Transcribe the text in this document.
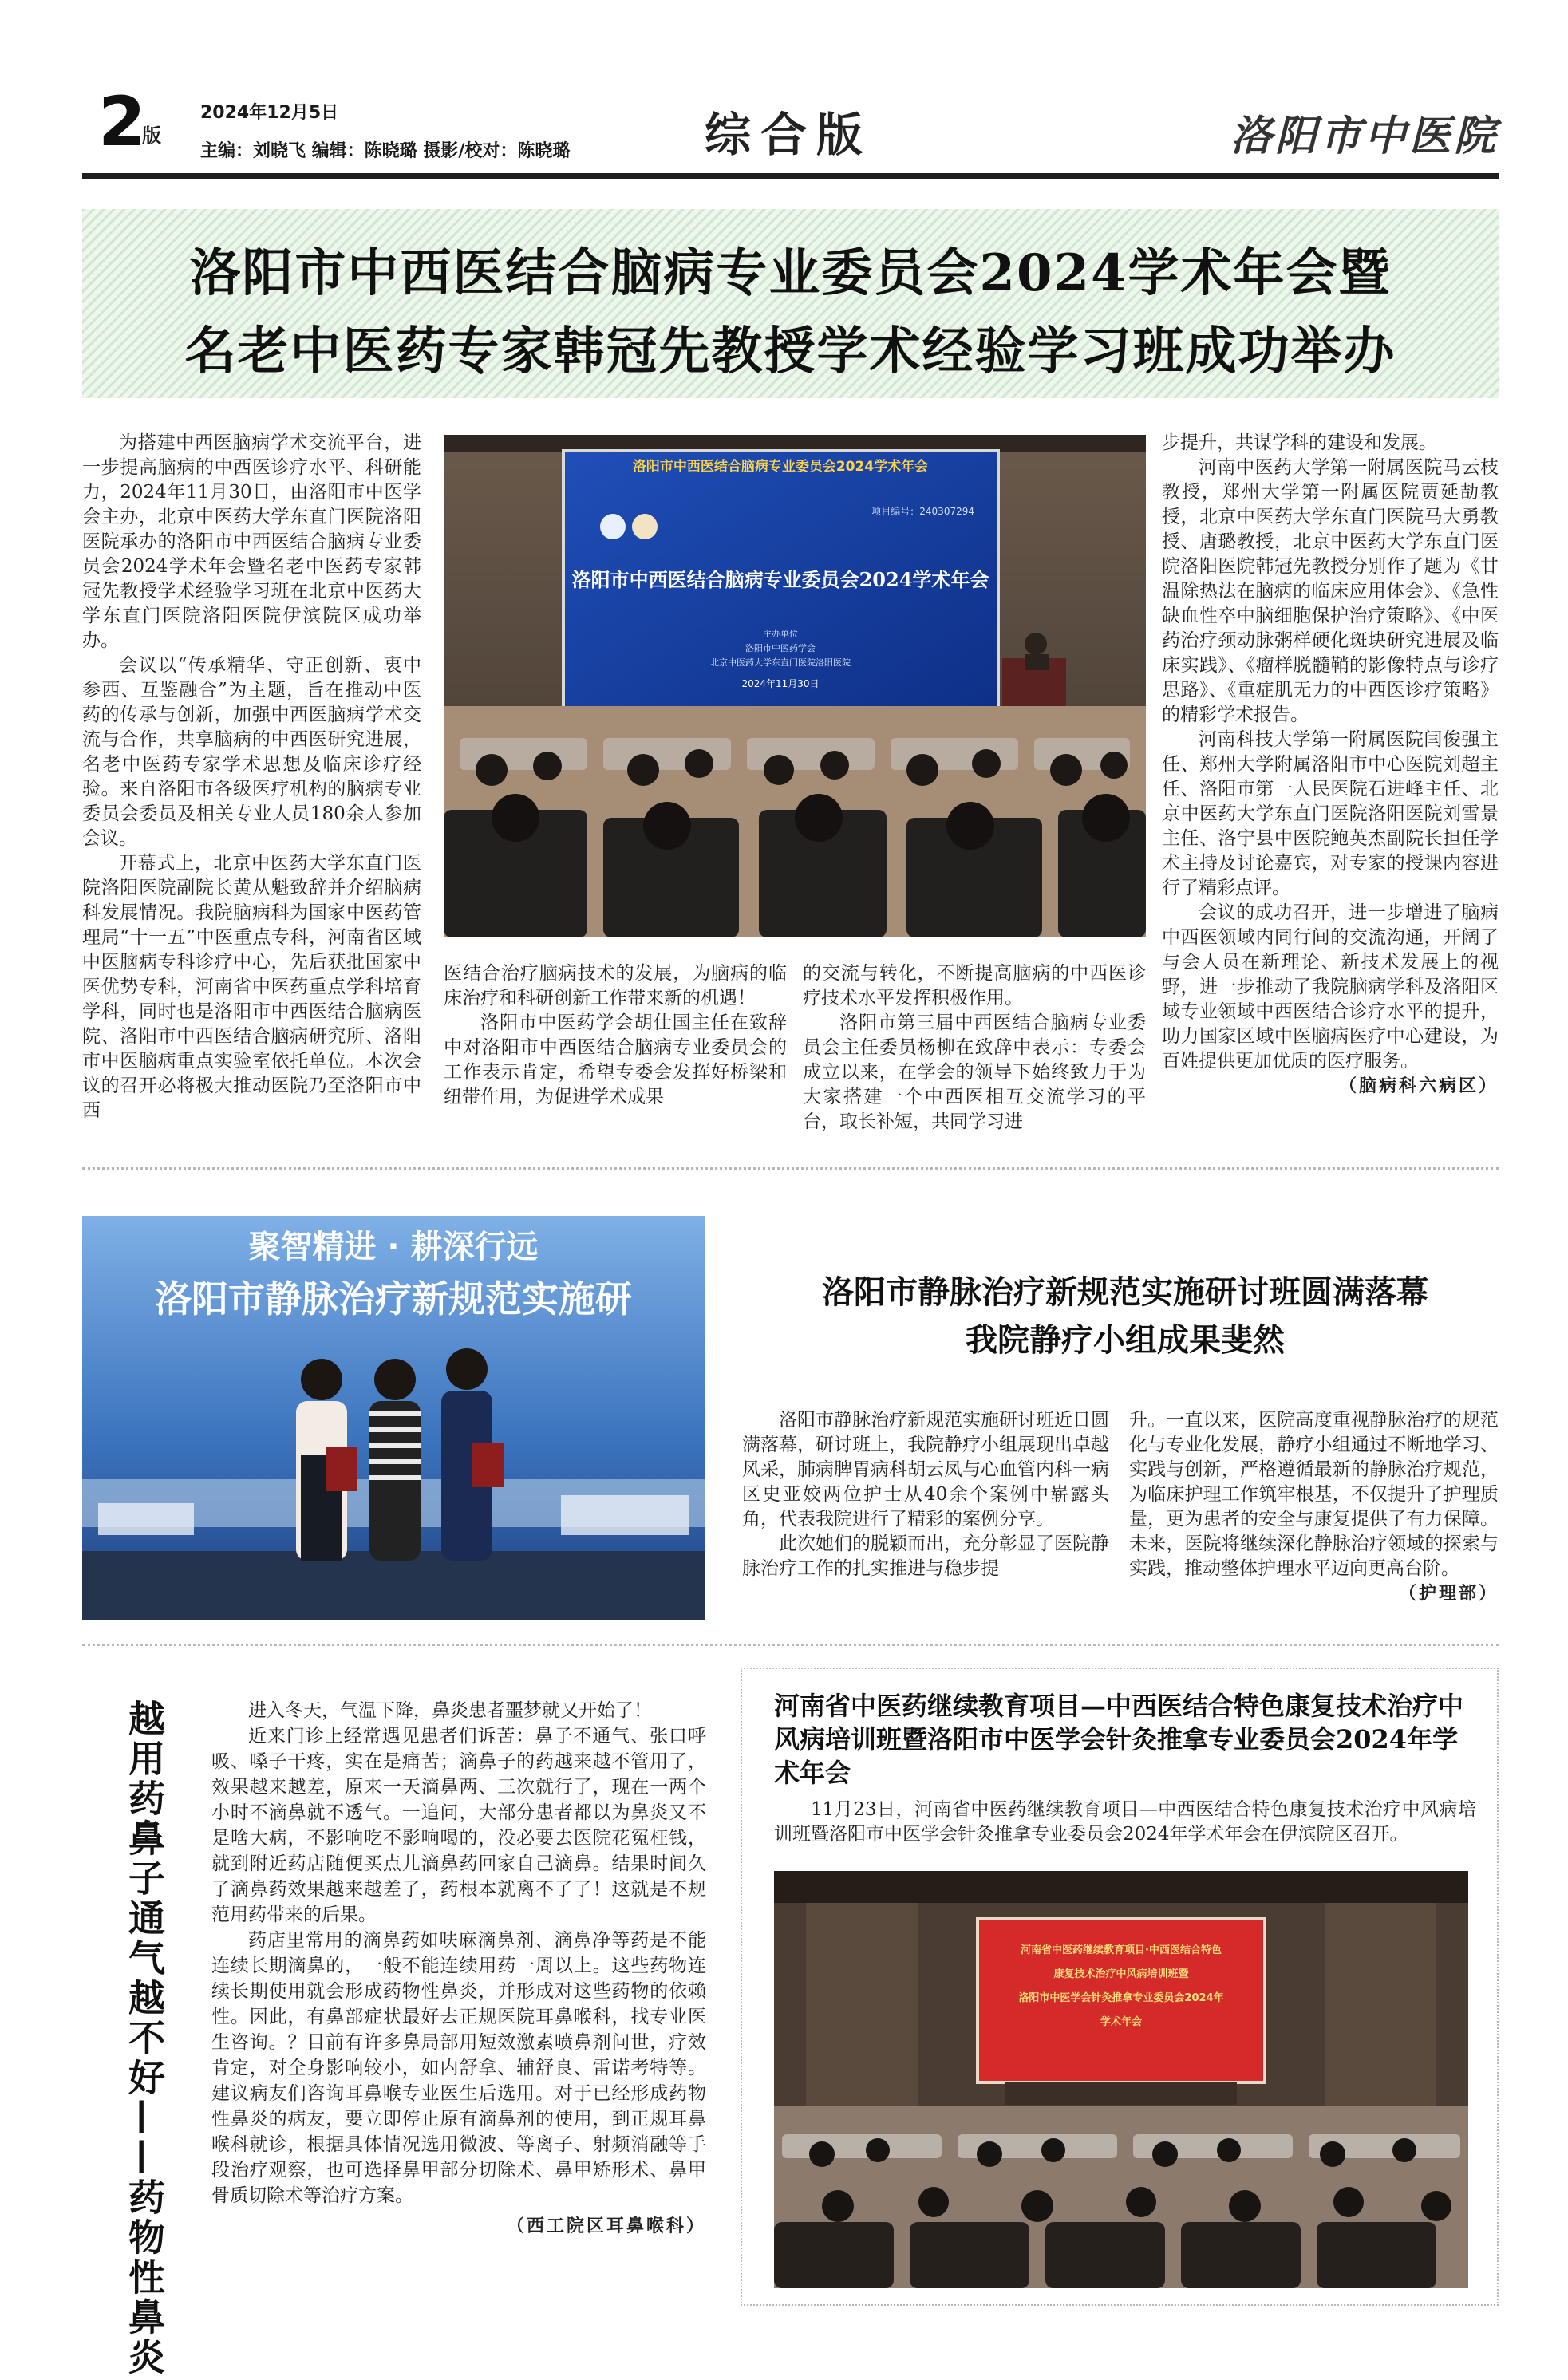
2
版
2024年12月5日
主编：刘晓飞 编辑：陈晓璐 摄影/校对：陈晓璐	综合版	洛阳市中医院
洛阳市中西医结合脑病专业委员会2024学术年会暨
名老中医药专家韩冠先教授学术经验学习班成功举办

为搭建中西医脑病学术交流平台，进一步提高脑病的中西医诊疗水平、科研能力，2024年11月30日，由洛阳市中医学会主办，北京中医药大学东直门医院洛阳医院承办的洛阳市中西医结合脑病专业委员会2024学术年会暨名老中医药专家韩冠先教授学术经验学习班在北京中医药大学东直门医院洛阳医院伊滨院区成功举办。

会议以“传承精华、守正创新、衷中参西、互鉴融合”为主题，旨在推动中医药的传承与创新，加强中西医脑病学术交流与合作，共享脑病的中西医研究进展，名老中医药专家学术思想及临床诊疗经验。来自洛阳市各级医疗机构的脑病专业委员会委员及相关专业人员180余人参加会议。

开幕式上，北京中医药大学东直门医院洛阳医院副院长黄从魁致辞并介绍脑病科发展情况。我院脑病科为国家中医药管理局“十一五”中医重点专科，河南省区域中医脑病专科诊疗中心，先后获批国家中医优势专科，河南省中医药重点学科培育学科，同时也是洛阳市中西医结合脑病医院、洛阳市中西医结合脑病研究所、洛阳市中医脑病重点实验室依托单位。本次会议的召开必将极大推动医院乃至洛阳市中西

洛阳市中西医结合脑病专业委员会2024学术年会
项目编号：240307294
洛阳市中西医结合脑病专业委员会2024学术年会
主办单位
洛阳市中医药学会
北京中医药大学东直门医院洛阳医院
2024年11月30日

医结合治疗脑病技术的发展，为脑病的临床治疗和科研创新工作带来新的机遇！

洛阳市中医药学会胡仕国主任在致辞中对洛阳市中西医结合脑病专业委员会的工作表示肯定，希望专委会发挥好桥梁和纽带作用，为促进学术成果

的交流与转化，不断提高脑病的中西医诊疗技术水平发挥积极作用。

洛阳市第三届中西医结合脑病专业委员会主任委员杨柳在致辞中表示：专委会成立以来，在学会的领导下始终致力于为大家搭建一个中西医相互交流学习的平台，取长补短，共同学习进

步提升，共谋学科的建设和发展。

河南中医药大学第一附属医院马云枝教授，郑州大学第一附属医院贾延劼教授，北京中医药大学东直门医院马大勇教授、唐璐教授，北京中医药大学东直门医院洛阳医院韩冠先教授分别作了题为《甘温除热法在脑病的临床应用体会》、《急性缺血性卒中脑细胞保护治疗策略》、《中医药治疗颈动脉粥样硬化斑块研究进展及临床实践》、《瘤样脱髓鞘的影像特点与诊疗思路》、《重症肌无力的中西医诊疗策略》的精彩学术报告。

河南科技大学第一附属医院闫俊强主任、郑州大学附属洛阳市中心医院刘超主任、洛阳市第一人民医院石进峰主任、北京中医药大学东直门医院洛阳医院刘雪景主任、洛宁县中医院鲍英杰副院长担任学术主持及讨论嘉宾，对专家的授课内容进行了精彩点评。

会议的成功召开，进一步增进了脑病中西医领域内同行间的交流沟通，开阔了与会人员在新理论、新技术发展上的视野，进一步推动了我院脑病学科及洛阳区域专业领域中西医结合诊疗水平的提升，助力国家区域中医脑病医疗中心建设，为百姓提供更加优质的医疗服务。

（脑病科六病区）
聚智精进 · 耕深行远
洛阳市静脉治疗新规范实施研	洛阳市静脉治疗新规范实施研讨班圆满落幕
我院静疗小组成果斐然

洛阳市静脉治疗新规范实施研讨班近日圆满落幕，研讨班上，我院静疗小组展现出卓越风采，肺病脾胃病科胡云凤与心血管内科一病区史亚姣两位护士从40余个案例中崭露头角，代表我院进行了精彩的案例分享。

此次她们的脱颖而出，充分彰显了医院静脉治疗工作的扎实推进与稳步提

升。一直以来，医院高度重视静脉治疗的规范化与专业化发展，静疗小组通过不断地学习、实践与创新，严格遵循最新的静脉治疗规范，为临床护理工作筑牢根基，不仅提升了护理质量，更为患者的安全与康复提供了有力保障。未来，医院将继续深化静脉治疗领域的探索与实践，推动整体护理水平迈向更高台阶。

（护理部）
越用药鼻子通气越不好——药物性鼻炎	进入冬天，气温下降，鼻炎患者噩梦就又开始了！

近来门诊上经常遇见患者们诉苦：鼻子不通气、张口呼吸、嗓子干疼，实在是痛苦；滴鼻子的药越来越不管用了，效果越来越差，原来一天滴鼻两、三次就行了，现在一两个小时不滴鼻就不透气。一追问，大部分患者都以为鼻炎又不是啥大病，不影响吃不影响喝的，没必要去医院花冤枉钱，就到附近药店随便买点儿滴鼻药回家自己滴鼻。结果时间久了滴鼻药效果越来越差了，药根本就离不了了！这就是不规范用药带来的后果。

药店里常用的滴鼻药如呋麻滴鼻剂、滴鼻净等药是不能连续长期滴鼻的，一般不能连续用药一周以上。这些药物连续长期使用就会形成药物性鼻炎，并形成对这些药物的依赖性。因此，有鼻部症状最好去正规医院耳鼻喉科，找专业医生咨询。？目前有许多鼻局部用短效激素喷鼻剂问世，疗效肯定，对全身影响较小，如内舒拿、辅舒良、雷诺考特等。建议病友们咨询耳鼻喉专业医生后选用。对于已经形成药物性鼻炎的病友，要立即停止原有滴鼻剂的使用，到正规耳鼻喉科就诊，根据具体情况选用微波、等离子、射频消融等手段治疗观察，也可选择鼻甲部分切除术、鼻甲矫形术、鼻甲骨质切除术等治疗方案。

（西工院区耳鼻喉科）
河南省中医药继续教育项目—中西医结合特色康复技术治疗中风病培训班暨洛阳市中医学会针灸推拿专业委员会2024年学术年会

11月23日，河南省中医药继续教育项目—中西医结合特色康复技术治疗中风病培训班暨洛阳市中医学会针灸推拿专业委员会2024年学术年会在伊滨院区召开。

河南省中医药继续教育项目·中西医结合特色
康复技术治疗中风病培训班暨
洛阳市中医学会针灸推拿专业委员会2024年
学术年会
